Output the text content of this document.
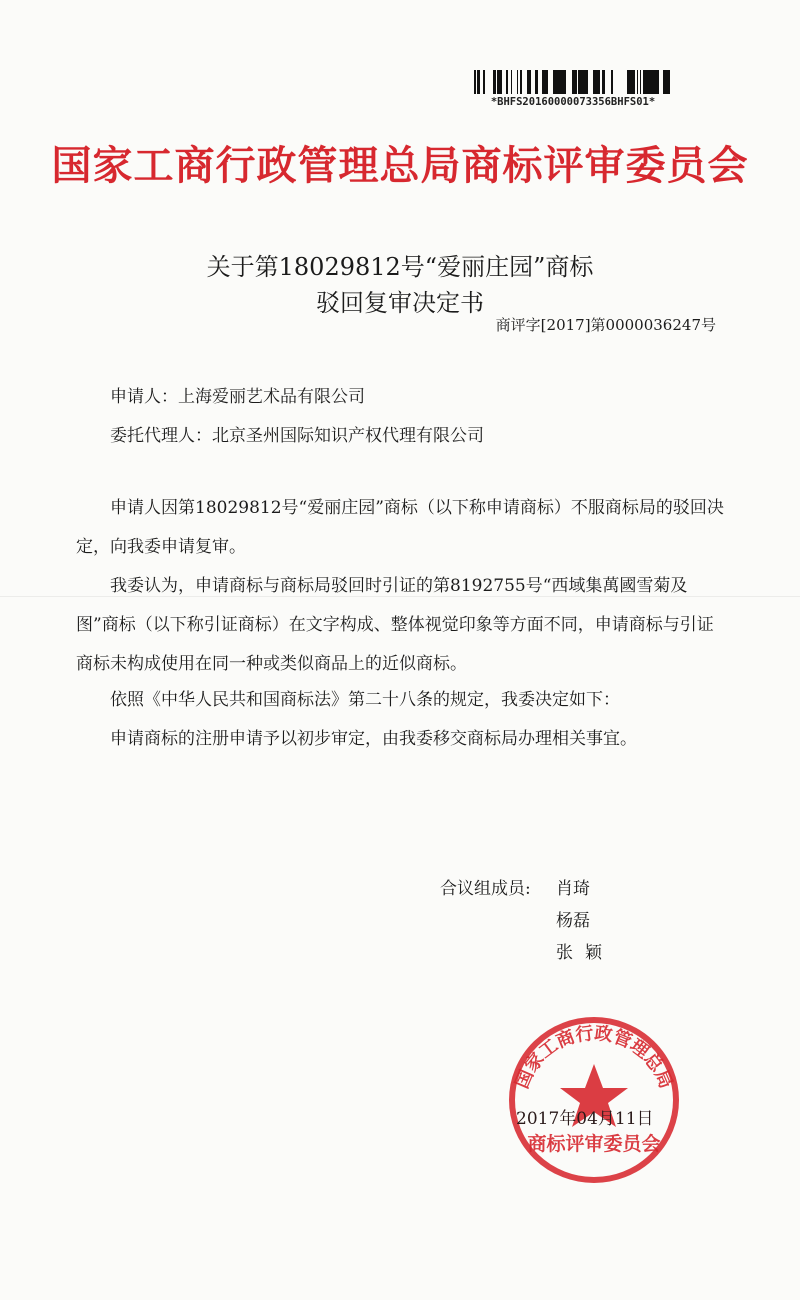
*BHFS20160000073356BHFS01*
国家工商行政管理总局商标评审委员会
关于第18029812号“爱丽庄园”商标
驳回复审决定书
商评字[2017]第0000036247号
申请人：上海爱丽艺术品有限公司
委托代理人：北京圣州国际知识产权代理有限公司
申请人因第18029812号“爱丽庄园”商标（以下称申请商标）不服商标局的驳回决定，向我委申请复审。
我委认为，申请商标与商标局驳回时引证的第8192755号“西域集萬國雪菊及图”商标（以下称引证商标）在文字构成、整体视觉印象等方面不同，申请商标与引证商标未构成使用在同一种或类似商品上的近似商标。
依照《中华人民共和国商标法》第二十八条的规定，我委决定如下：
申请商标的注册申请予以初步审定，由我委移交商标局办理相关事宜。
合议组成员: 肖琦
杨磊
张颖
国家工商行政管理总局
商标评审委员会
2017年04月11日
